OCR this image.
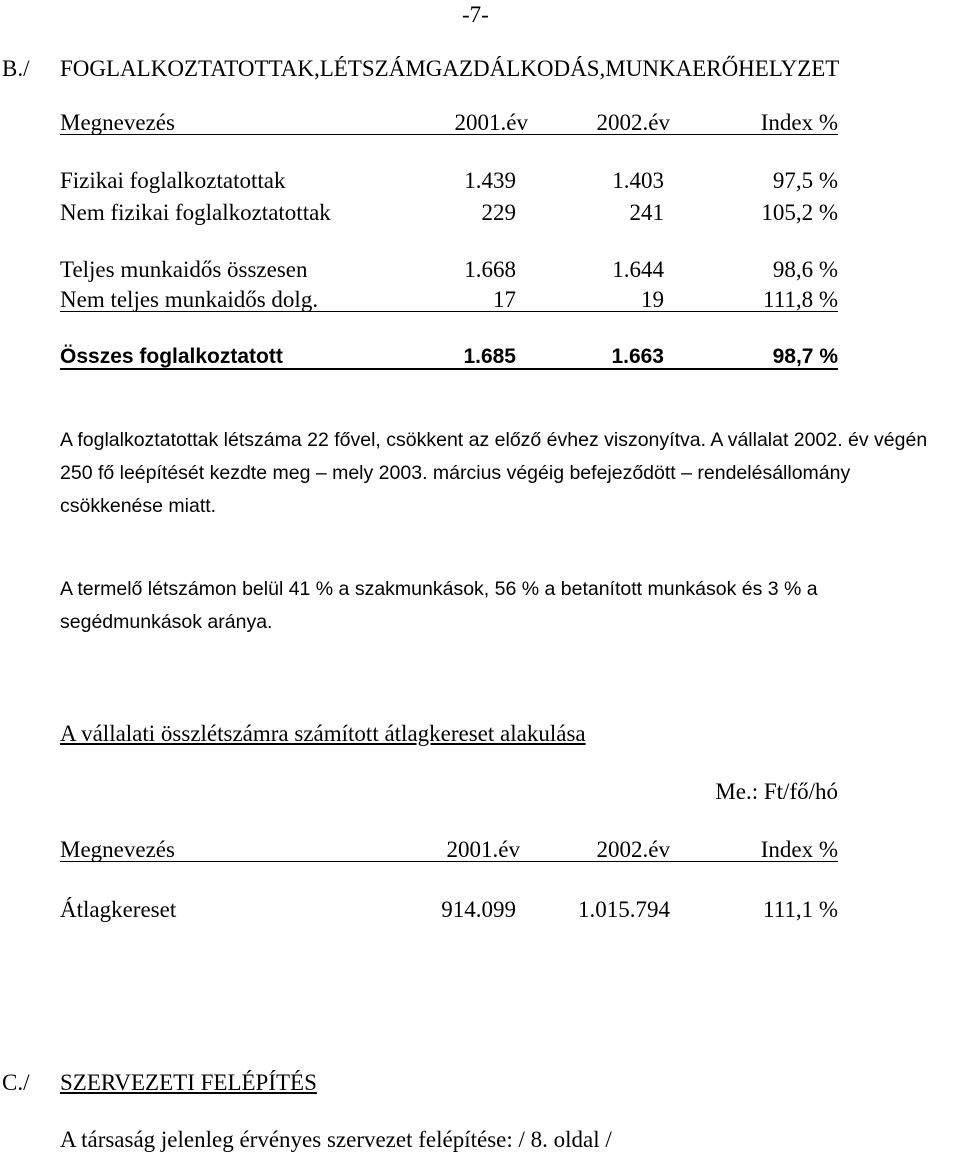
-7-
B./ FOGLALKOZTATOTTAK,LÉTSZÁMGAZDÁLKODÁS,MUNKAERŐHELYZET
Megnevezés	2001.év	2002.év	Index %
Fizikai foglalkoztatottak	1.439	1.403	97,5 %
Nem fizikai foglalkoztatottak	229	241	105,2 %
Teljes munkaidős összesen	1.668	1.644	98,6 %
Nem teljes munkaidős dolg.	17	19	111,8 %
Összes foglalkoztatott	1.685	1.663	98,7 %
A foglalkoztatottak létszáma 22 fővel, csökkent az előző évhez viszonyítva. A vállalat 2002. év végén 250 fő leépítését kezdte meg – mely 2003. március végéig befejeződött – rendelésállomány csökkenése miatt.
A termelő létszámon belül 41 % a szakmunkások, 56 % a betanított munkások és 3 % a segédmunkások aránya.
A vállalati összlétszámra számított átlagkereset alakulása
Me.: Ft/fő/hó
Megnevezés	2001.év	2002.év	Index %
Átlagkereset	914.099	1.015.794	111,1 %
C./ SZERVEZETI FELÉPÍTÉS
A társaság jelenleg érvényes szervezet felépítése: / 8. oldal /
